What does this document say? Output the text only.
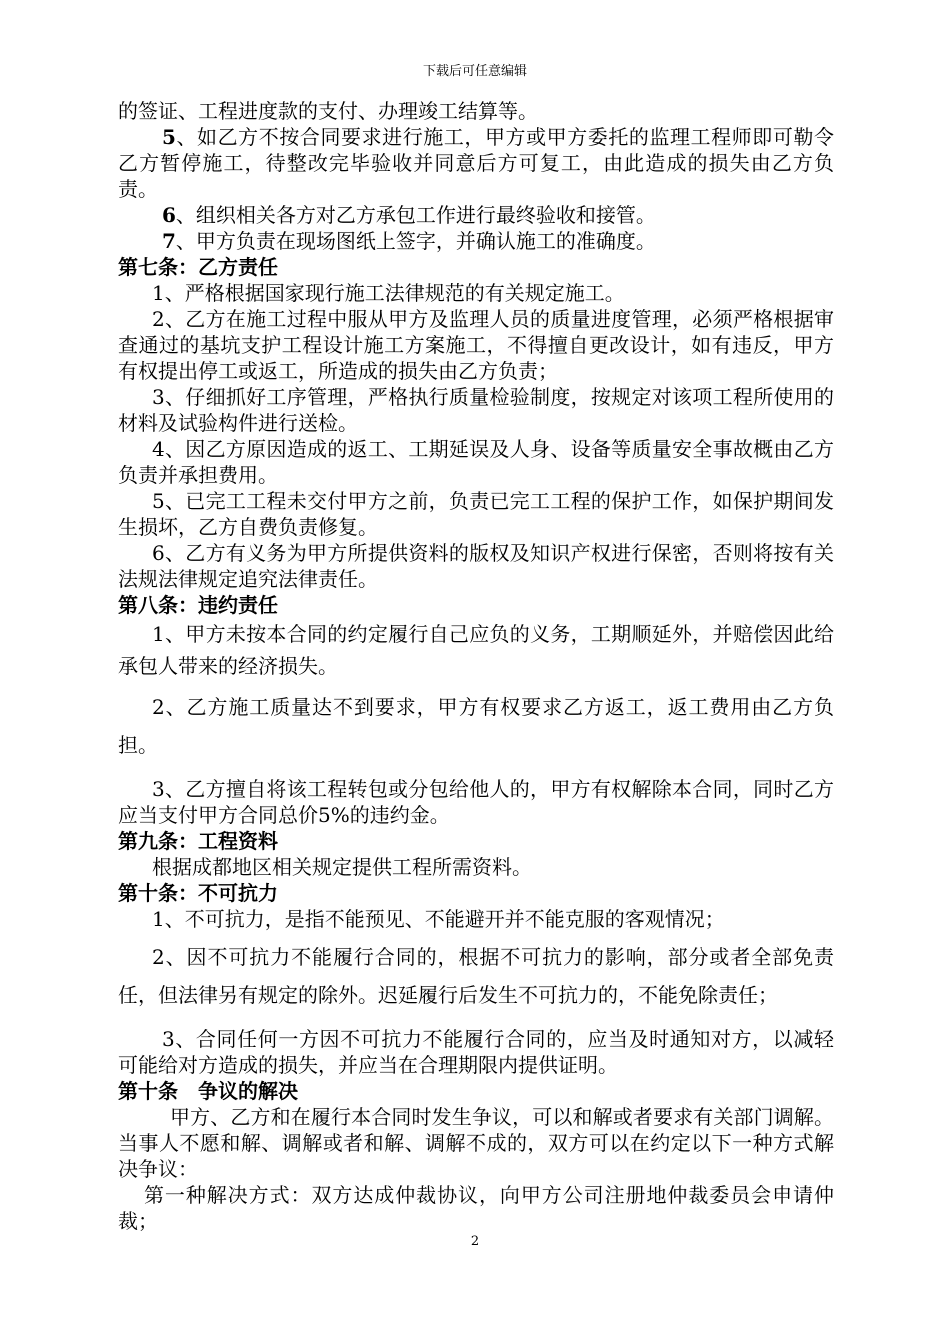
下载后可任意编辑

的签证、工程进度款的支付、办理竣工结算等。

5、如乙方不按合同要求进行施工，甲方或甲方委托的监理工程师即可勒令乙方暂停施工，待整改完毕验收并同意后方可复工，由此造成的损失由乙方负责。

6、组织相关各方对乙方承包工作进行最终验收和接管。

7、甲方负责在现场图纸上签字，并确认施工的准确度。

第七条：乙方责任

1、严格根据国家现行施工法律规范的有关规定施工。

2、乙方在施工过程中服从甲方及监理人员的质量进度管理，必须严格根据审查通过的基坑支护工程设计施工方案施工，不得擅自更改设计，如有违反，甲方有权提出停工或返工，所造成的损失由乙方负责；

3、仔细抓好工序管理，严格执行质量检验制度，按规定对该项工程所使用的材料及试验构件进行送检。

4、因乙方原因造成的返工、工期延误及人身、设备等质量安全事故概由乙方负责并承担费用。

5、已完工工程未交付甲方之前，负责已完工工程的保护工作，如保护期间发生损坏，乙方自费负责修复。

6、乙方有义务为甲方所提供资料的版权及知识产权进行保密，否则将按有关法规法律规定追究法律责任。

第八条：违约责任

1、甲方未按本合同的约定履行自己应负的义务，工期顺延外，并赔偿因此给承包人带来的经济损失。

2、乙方施工质量达不到要求，甲方有权要求乙方返工，返工费用由乙方负担。

3、乙方擅自将该工程转包或分包给他人的，甲方有权解除本合同，同时乙方应当支付甲方合同总价5%的违约金。

第九条：工程资料

根据成都地区相关规定提供工程所需资料。

第十条：不可抗力

1、不可抗力，是指不能预见、不能避开并不能克服的客观情况；

2、因不可抗力不能履行合同的，根据不可抗力的影响，部分或者全部免责任，但法律另有规定的除外。迟延履行后发生不可抗力的，不能免除责任；

3、合同任何一方因不可抗力不能履行合同的，应当及时通知对方，以减轻可能给对方造成的损失，并应当在合理期限内提供证明。

第十条　争议的解决

甲方、乙方和在履行本合同时发生争议，可以和解或者要求有关部门调解。当事人不愿和解、调解或者和解、调解不成的，双方可以在约定以下一种方式解决争议：

第一种解决方式：双方达成仲裁协议，向甲方公司注册地仲裁委员会申请仲裁；

2
